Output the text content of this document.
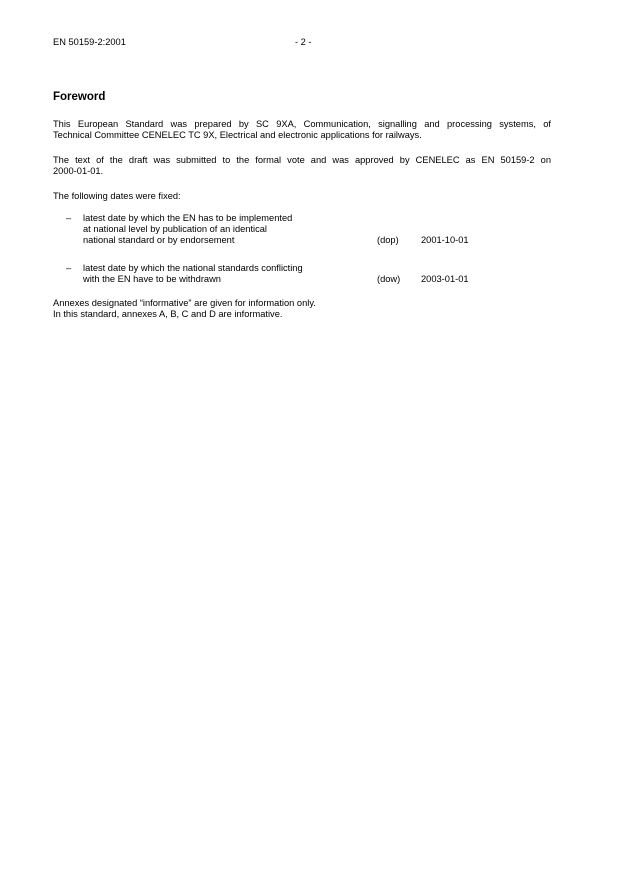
EN 50159-2:2001	- 2 -
Foreword

This European Standard was prepared by SC 9XA, Communication, signalling and processing systems, of
Technical Committee CENELEC TC 9X, Electrical and electronic applications for railways.

The text of the draft was submitted to the formal vote and was approved by CENELEC as EN 50159-2 on
2000-01-01.

The following dates were fixed:

– latest date by which the EN has to be implemented
at national level by publication of an identical
national standard or by endorsement	(dop) 2001-10-01
– latest date by which the national standards conflicting
with the EN have to be withdrawn	(dow) 2003-01-01

Annexes designated “informative” are given for information only.
In this standard, annexes A, B, C and D are informative.
